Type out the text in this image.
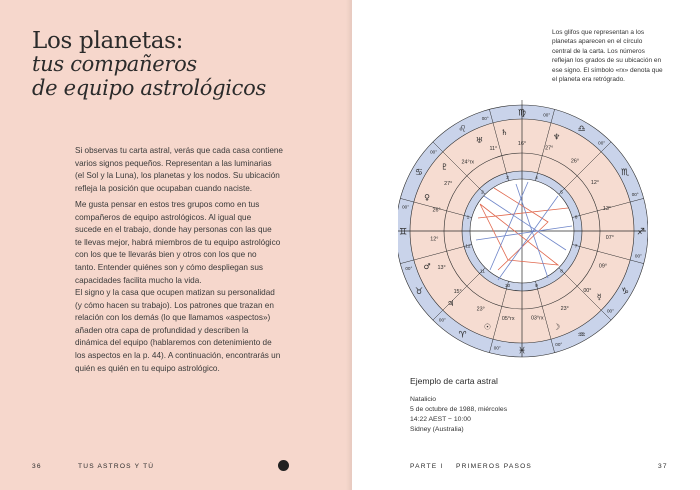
Los planetas:
tus compañeros
de equipo astrológicos
Si observas tu carta astral, verás que cada casa contiene
varios signos pequeños. Representan a las luminarias
(el Sol y la Luna), los planetas y los nodos. Su ubicación
refleja la posición que ocupaban cuando naciste.
Me gusta pensar en estos tres grupos como en tus
compañeros de equipo astrológicos. Al igual que
sucede en el trabajo, donde hay personas con las que
te llevas mejor, habrá miembros de tu equipo astrológico
con los que te llevarás bien y otros con los que no
tanto. Entender quiénes son y cómo despliegan sus
capacidades facilita mucho la vida.
El signo y la casa que ocupen matizan su personalidad
(y cómo hacen su trabajo). Los patrones que trazan en
relación con los demás (lo que llamamos «aspectos»)
añaden otra capa de profundidad y describen la
dinámica del equipo (hablaremos con detenimiento de
los aspectos en la p. 44). A continuación, encontrarás un
quién es quién en tu equipo astrológico.
36	TUS ASTROS Y TÚ

Los glifos que representan a los
planetas aparecen en el círculo
central de la carta. Los números
reflejan los grados de su ubicación en
ese signo. El símbolo «rx» denota que
el planeta era retrógrado.

♍
♌
♋
♊
♉
♈
♓
♒
♑
♐
♏
♎
00°
00°
00°
00°
00°
00°
00°
00°
00°
00°
00°
00°
1
2
3	4
5
6
7
8
9
10
11
12
♅
♄
♆
♇
♀
♂
♃
☉	☽
☿
16°
11°
24°rx
27°
26°
12°
13°
15°
23°
05°rx	03°rx
23°
00°
09°
07°
13°
12°
26°
27°
Ejemplo de carta astral
Natalicio
5 de octubre de 1988, miércoles
14:22 AEST − 10:00
Sidney (Australia)
PARTE I PRIMEROS PASOS	37
